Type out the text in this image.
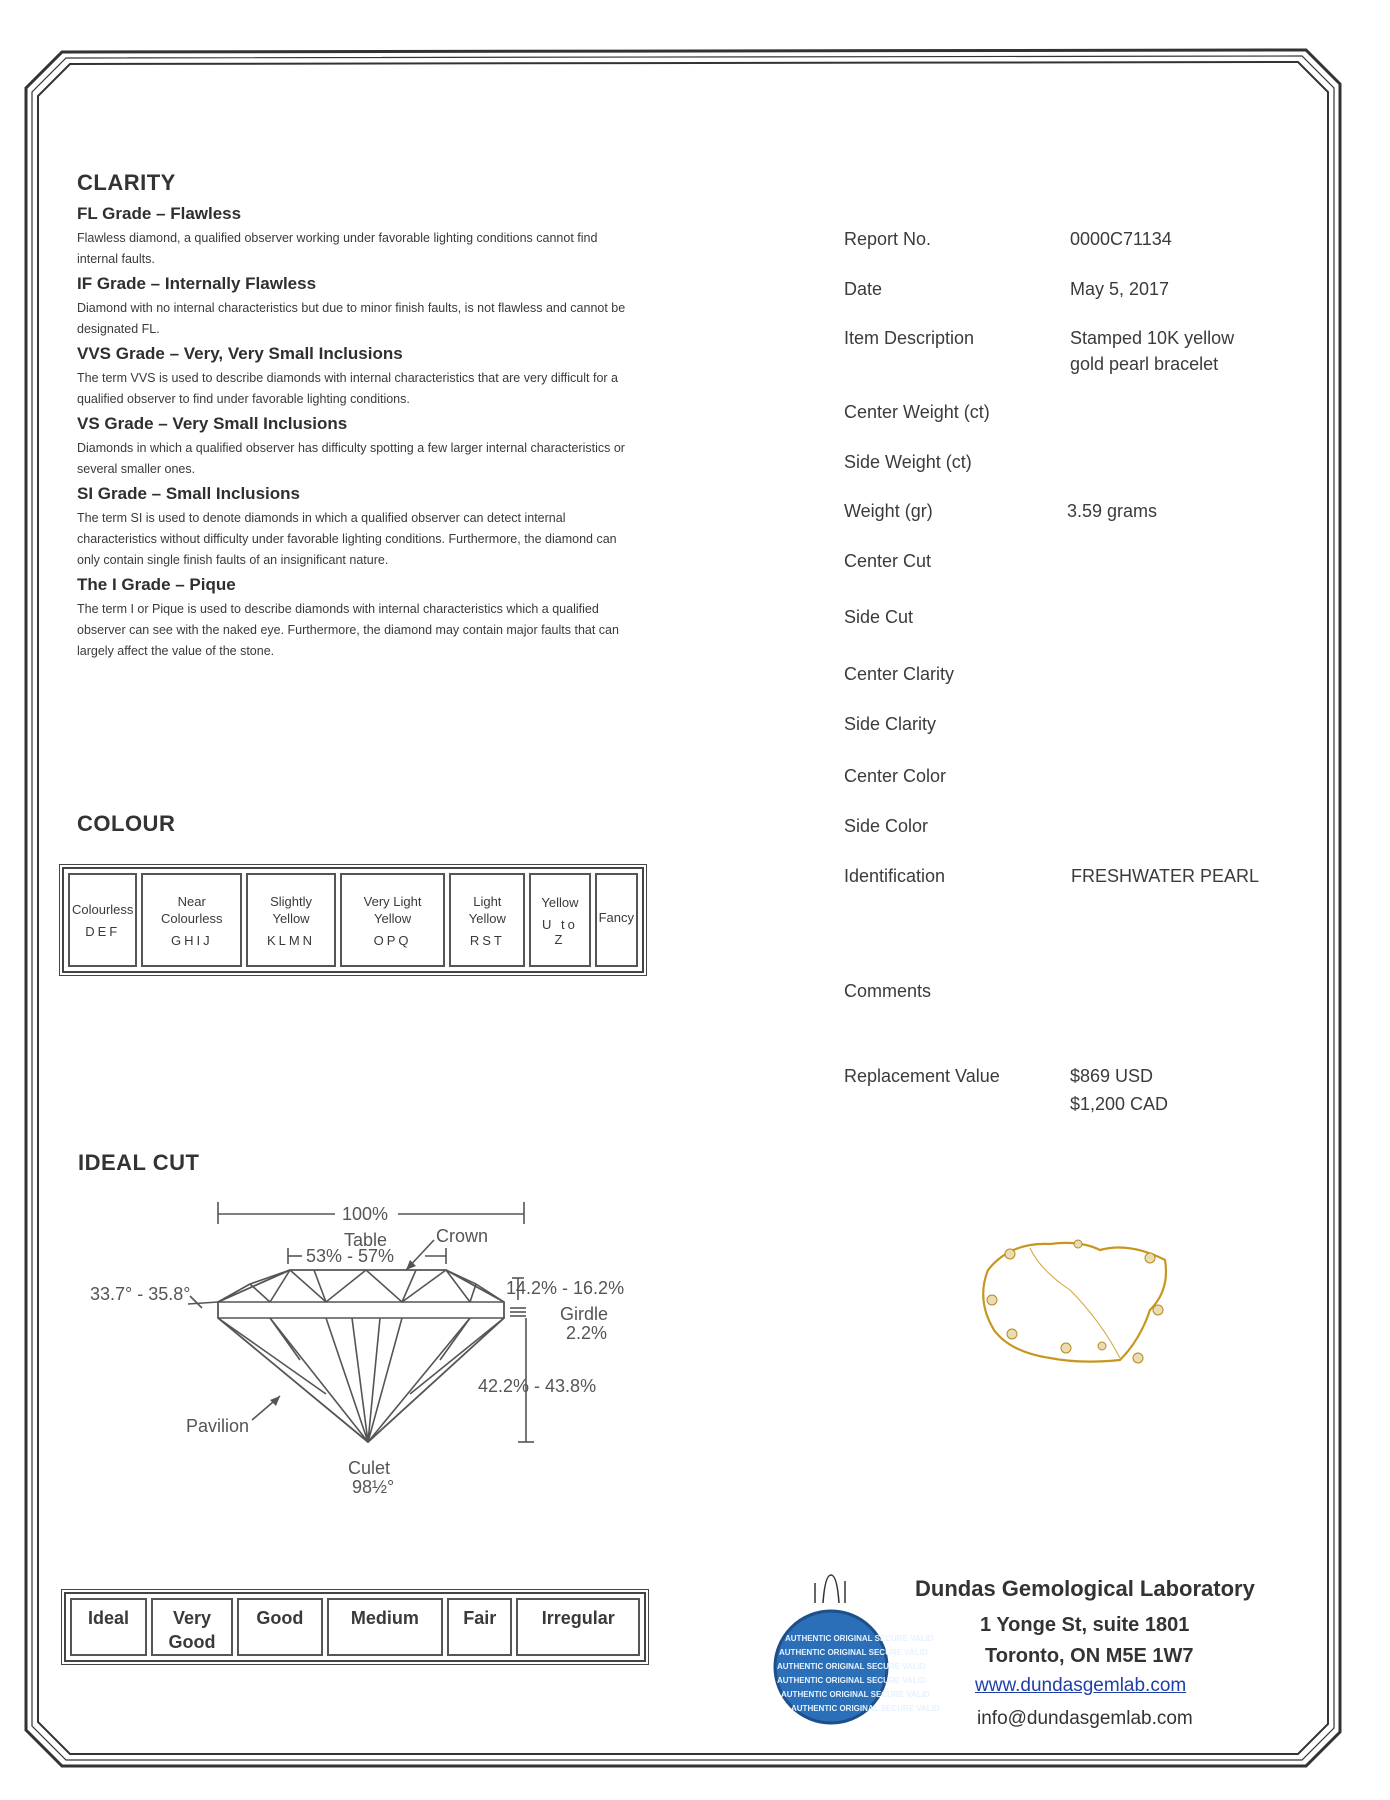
CLARITY
FL Grade – Flawless
Flawless diamond, a qualified observer working under favorable lighting conditions cannot find internal faults.
IF Grade – Internally Flawless
Diamond with no internal characteristics but due to minor finish faults, is not flawless and cannot be designated FL.
VVS Grade – Very, Very Small Inclusions
The term VVS is used to describe diamonds with internal characteristics that are very difficult for a qualified observer to find under favorable lighting conditions.
VS Grade – Very Small Inclusions
Diamonds in which a qualified observer has difficulty spotting a few larger internal characteristics or several smaller ones.
SI Grade – Small Inclusions
The term SI is used to denote diamonds in which a qualified observer can detect internal characteristics without difficulty under favorable lighting conditions. Furthermore, the diamond can only contain single finish faults of an insignificant nature.
The I Grade – Pique
The term I or Pique is used to describe diamonds with internal characteristics which a qualified observer can see with the naked eye. Furthermore, the diamond may contain major faults that can largely affect the value of the stone.
COLOUR
Colourless
DEF

Near Colourless
GHIJ

Slightly Yellow
KLMN

Very Light Yellow
OPQ

Light Yellow
RST

Yellow
U to Z

Fancy
IDEAL CUT
100%
Table
53% - 57%
Crown
33.7° - 35.8°	14.2% - 16.2%
Girdle
2.2%
42.2% - 43.8%
Pavilion
Culet
98½°
Ideal	Very Good	Good	Medium	Fair	Irregular
Report No.	0000C71134
Date	May 5, 2017
Item Description	Stamped 10K yellow gold pearl bracelet
Center Weight (ct)
Side Weight (ct)
Weight (gr)	3.59 grams
Center Cut
Side Cut
Center Clarity
Side Clarity
Center Color
Side Color
Identification	FRESHWATER PEARL
Comments
Replacement Value	$869 USD
$1,200 CAD
AUTHENTIC ORIGINAL SECURE VALID
AUTHENTIC ORIGINAL SECURE VALID
AUTHENTIC ORIGINAL SECURE VALID
AUTHENTIC ORIGINAL SECURE VALID
AUTHENTIC ORIGINAL SECURE VALID
AUTHENTIC ORIGINAL SECURE VALID
Dundas Gemological Laboratory
1 Yonge St, suite 1801
Toronto, ON M5E 1W7
www.dundasgemlab.com
info@dundasgemlab.com
